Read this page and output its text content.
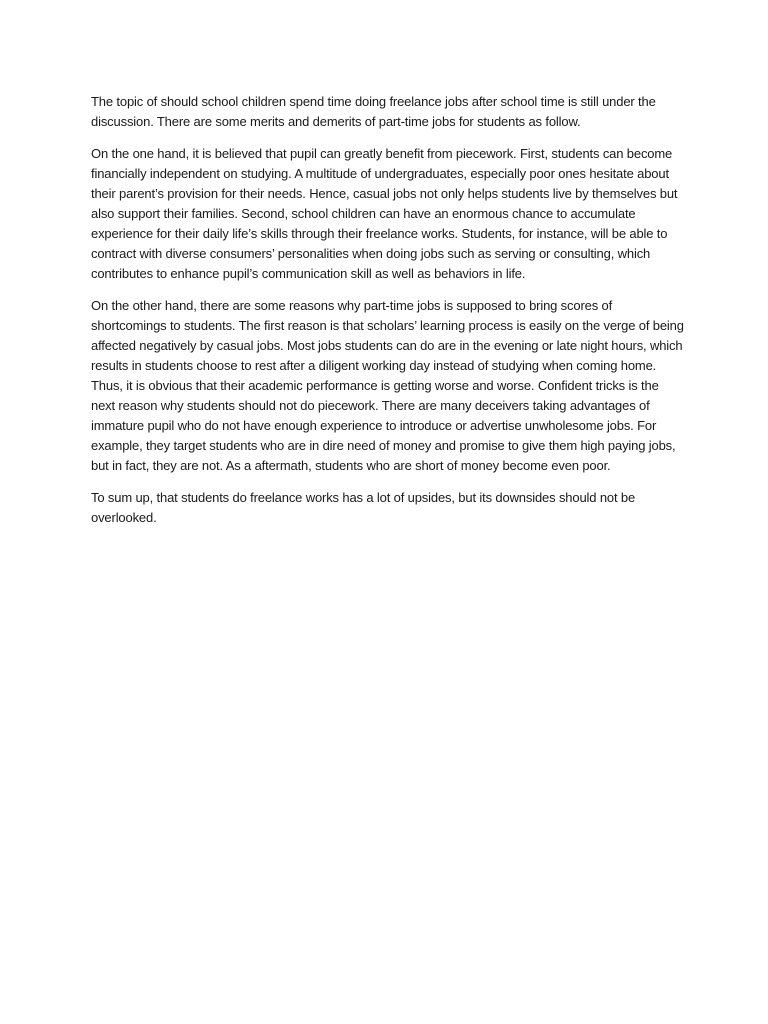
The topic of should school children spend time doing freelance jobs after school time is still under the discussion. There are some merits and demerits of part-time jobs for students as follow.

On the one hand, it is believed that pupil can greatly benefit from piecework. First, students can become financially independent on studying. A multitude of undergraduates, especially poor ones hesitate about their parent’s provision for their needs. Hence, casual jobs not only helps students live by themselves but also support their families. Second, school children can have an enormous chance to accumulate experience for their daily life’s skills through their freelance works. Students, for instance, will be able to contract with diverse consumers’ personalities when doing jobs such as serving or consulting, which contributes to enhance pupil’s communication skill as well as behaviors in life.

On the other hand, there are some reasons why part-time jobs is supposed to bring scores of shortcomings to students. The first reason is that scholars’ learning process is easily on the verge of being affected negatively by casual jobs. Most jobs students can do are in the evening or late night hours, which results in students choose to rest after a diligent working day instead of studying when coming home. Thus, it is obvious that their academic performance is getting worse and worse. Confident tricks is the next reason why students should not do piecework. There are many deceivers taking advantages of immature pupil who do not have enough experience to introduce or advertise unwholesome jobs. For example, they target students who are in dire need of money and promise to give them high paying jobs, but in fact, they are not. As a aftermath, students who are short of money become even poor.

To sum up, that students do freelance works has a lot of upsides, but its downsides should not be overlooked.
